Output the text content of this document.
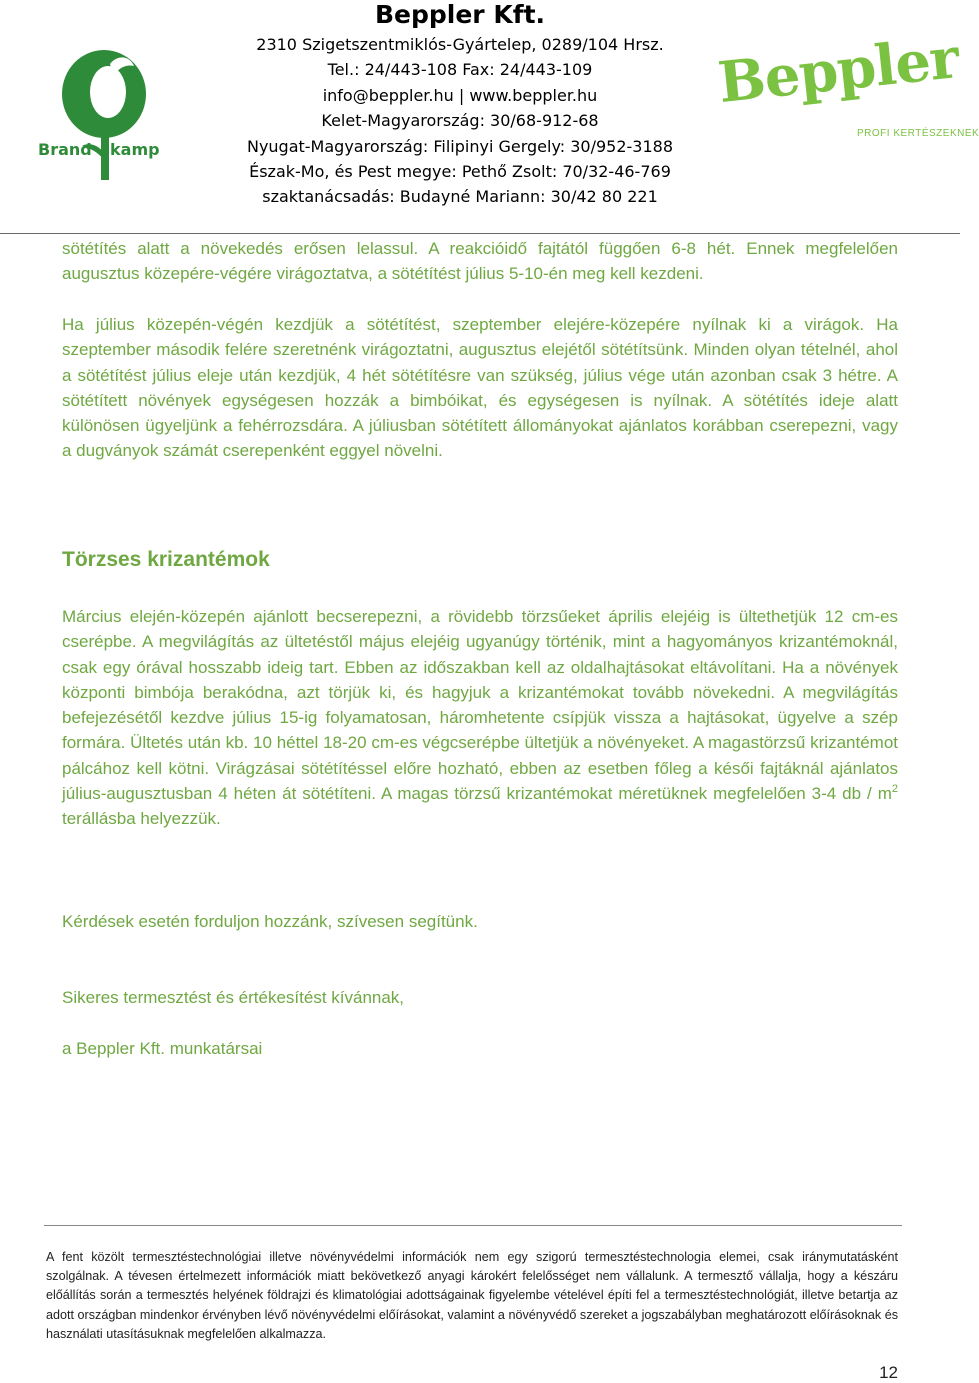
Beppler Kft.
2310 Szigetszentmiklós-Gyártelep, 0289/104 Hrsz.
Tel.: 24/443-108 Fax: 24/443-109
info@beppler.hu | www.beppler.hu
Kelet-Magyarország: 30/68-912-68
Nyugat-Magyarország: Filipinyi Gergely: 30/952-3188
Észak-Mo, és Pest megye: Pethő Zsolt: 70/32-46-769
szaktanácsadás: Budayné Mariann: 30/42 80 221
Brand kamp
Beppler
PROFI KERTÉSZEKNEK
sötétítés alatt a növekedés erősen lelassul. A reakcióidő fajtától függően 6-8 hét. Ennek megfelelően augusztus közepére-végére virágoztatva, a sötétítést július 5-10-én meg kell kezdeni.
Ha július közepén-végén kezdjük a sötétítést, szeptember elejére-közepére nyílnak ki a virágok. Ha szeptember második felére szeretnénk virágoztatni, augusztus elejétől sötétítsünk. Minden olyan tételnél, ahol a sötétítést július eleje után kezdjük, 4 hét sötétítésre van szükség, július vége után azonban csak 3 hétre. A sötétített növények egységesen hozzák a bimbóikat, és egységesen is nyílnak. A sötétítés ideje alatt különösen ügyeljünk a fehérrozsdára. A júliusban sötétített állományokat ajánlatos korábban cserepezni, vagy a dugványok számát cserepenként eggyel növelni.
Törzses krizantémok
Március elején-közepén ajánlott becserepezni, a rövidebb törzsűeket április elejéig is ültethetjük 12 cm-es cserépbe. A megvilágítás az ültetéstől május elejéig ugyanúgy történik, mint a hagyományos krizantémoknál, csak egy órával hosszabb ideig tart. Ebben az időszakban kell az oldalhajtásokat eltávolítani. Ha a növények központi bimbója berakódna, azt törjük ki, és hagyjuk a krizantémokat tovább növekedni. A megvilágítás befejezésétől kezdve július 15-ig folyamatosan, háromhetente csípjük vissza a hajtásokat, ügyelve a szép formára. Ültetés után kb. 10 héttel 18-20 cm-es végcserépbe ültetjük a növényeket. A magastörzsű krizantémot pálcához kell kötni. Virágzásai sötétítéssel előre hozható, ebben az esetben főleg a késői fajtáknál ajánlatos július-augusztusban 4 héten át sötétíteni. A magas törzsű krizantémokat méretüknek megfelelően 3-4 db / $m^2$ terállásba helyezzük.
Kérdések esetén forduljon hozzánk, szívesen segítünk.
Sikeres termesztést és értékesítést kívánnak,
a Beppler Kft. munkatársai
A fent közölt termesztéstechnológiai illetve növényvédelmi információk nem egy szigorú termesztéstechnologia elemei, csak iránymutatásként szolgálnak. A tévesen értelmezett információk miatt bekövetkező anyagi károkért felelősséget nem vállalunk. A termesztő vállalja, hogy a készáru előállítás során a termesztés helyének földrajzi és klimatológiai adottságainak figyelembe vételével építi fel a termesztéstechnológiát, illetve betartja az adott országban mindenkor érvényben lévő növényvédelmi előírásokat, valamint a növényvédő szereket a jogszabályban meghatározott előírásoknak és használati utasításuknak megfelelően alkalmazza.
12
